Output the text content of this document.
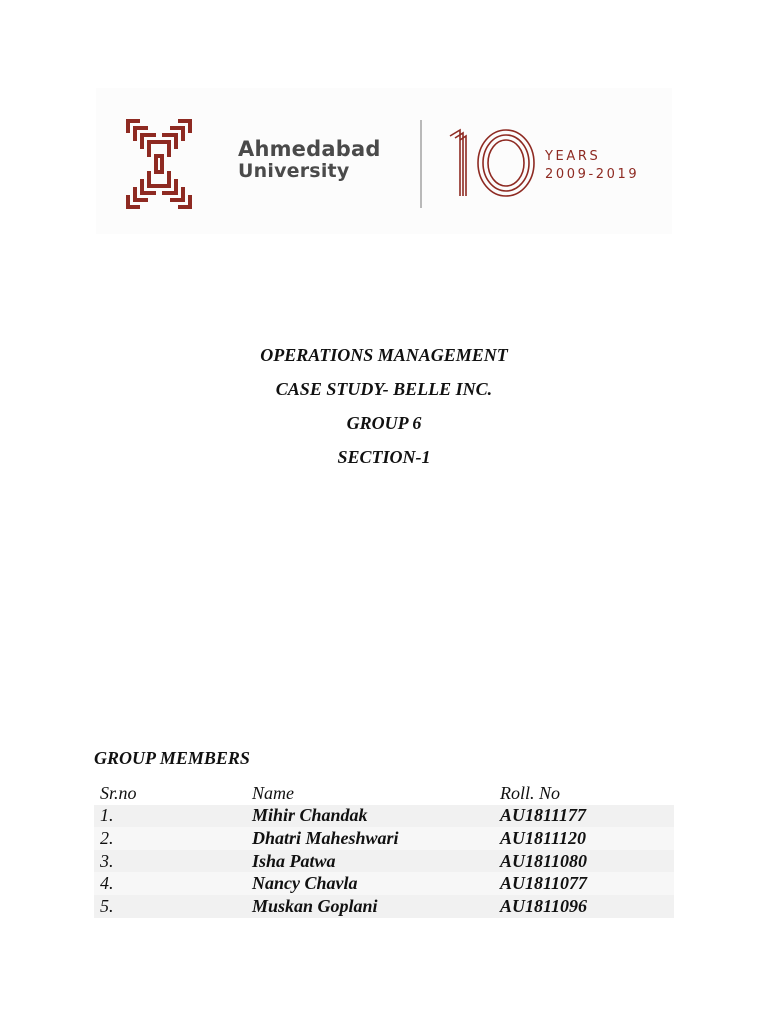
Ahmedabad
University
YEARS
2009-2019
OPERATIONS MANAGEMENT
CASE STUDY- BELLE INC.
GROUP 6
SECTION-1
GROUP MEMBERS
Sr.no	Name	Roll. No
1.	Mihir Chandak	AU1811177
2.	Dhatri Maheshwari	AU1811120
3.	Isha Patwa	AU1811080
4.	Nancy Chavla	AU1811077
5.	Muskan Goplani	AU1811096
